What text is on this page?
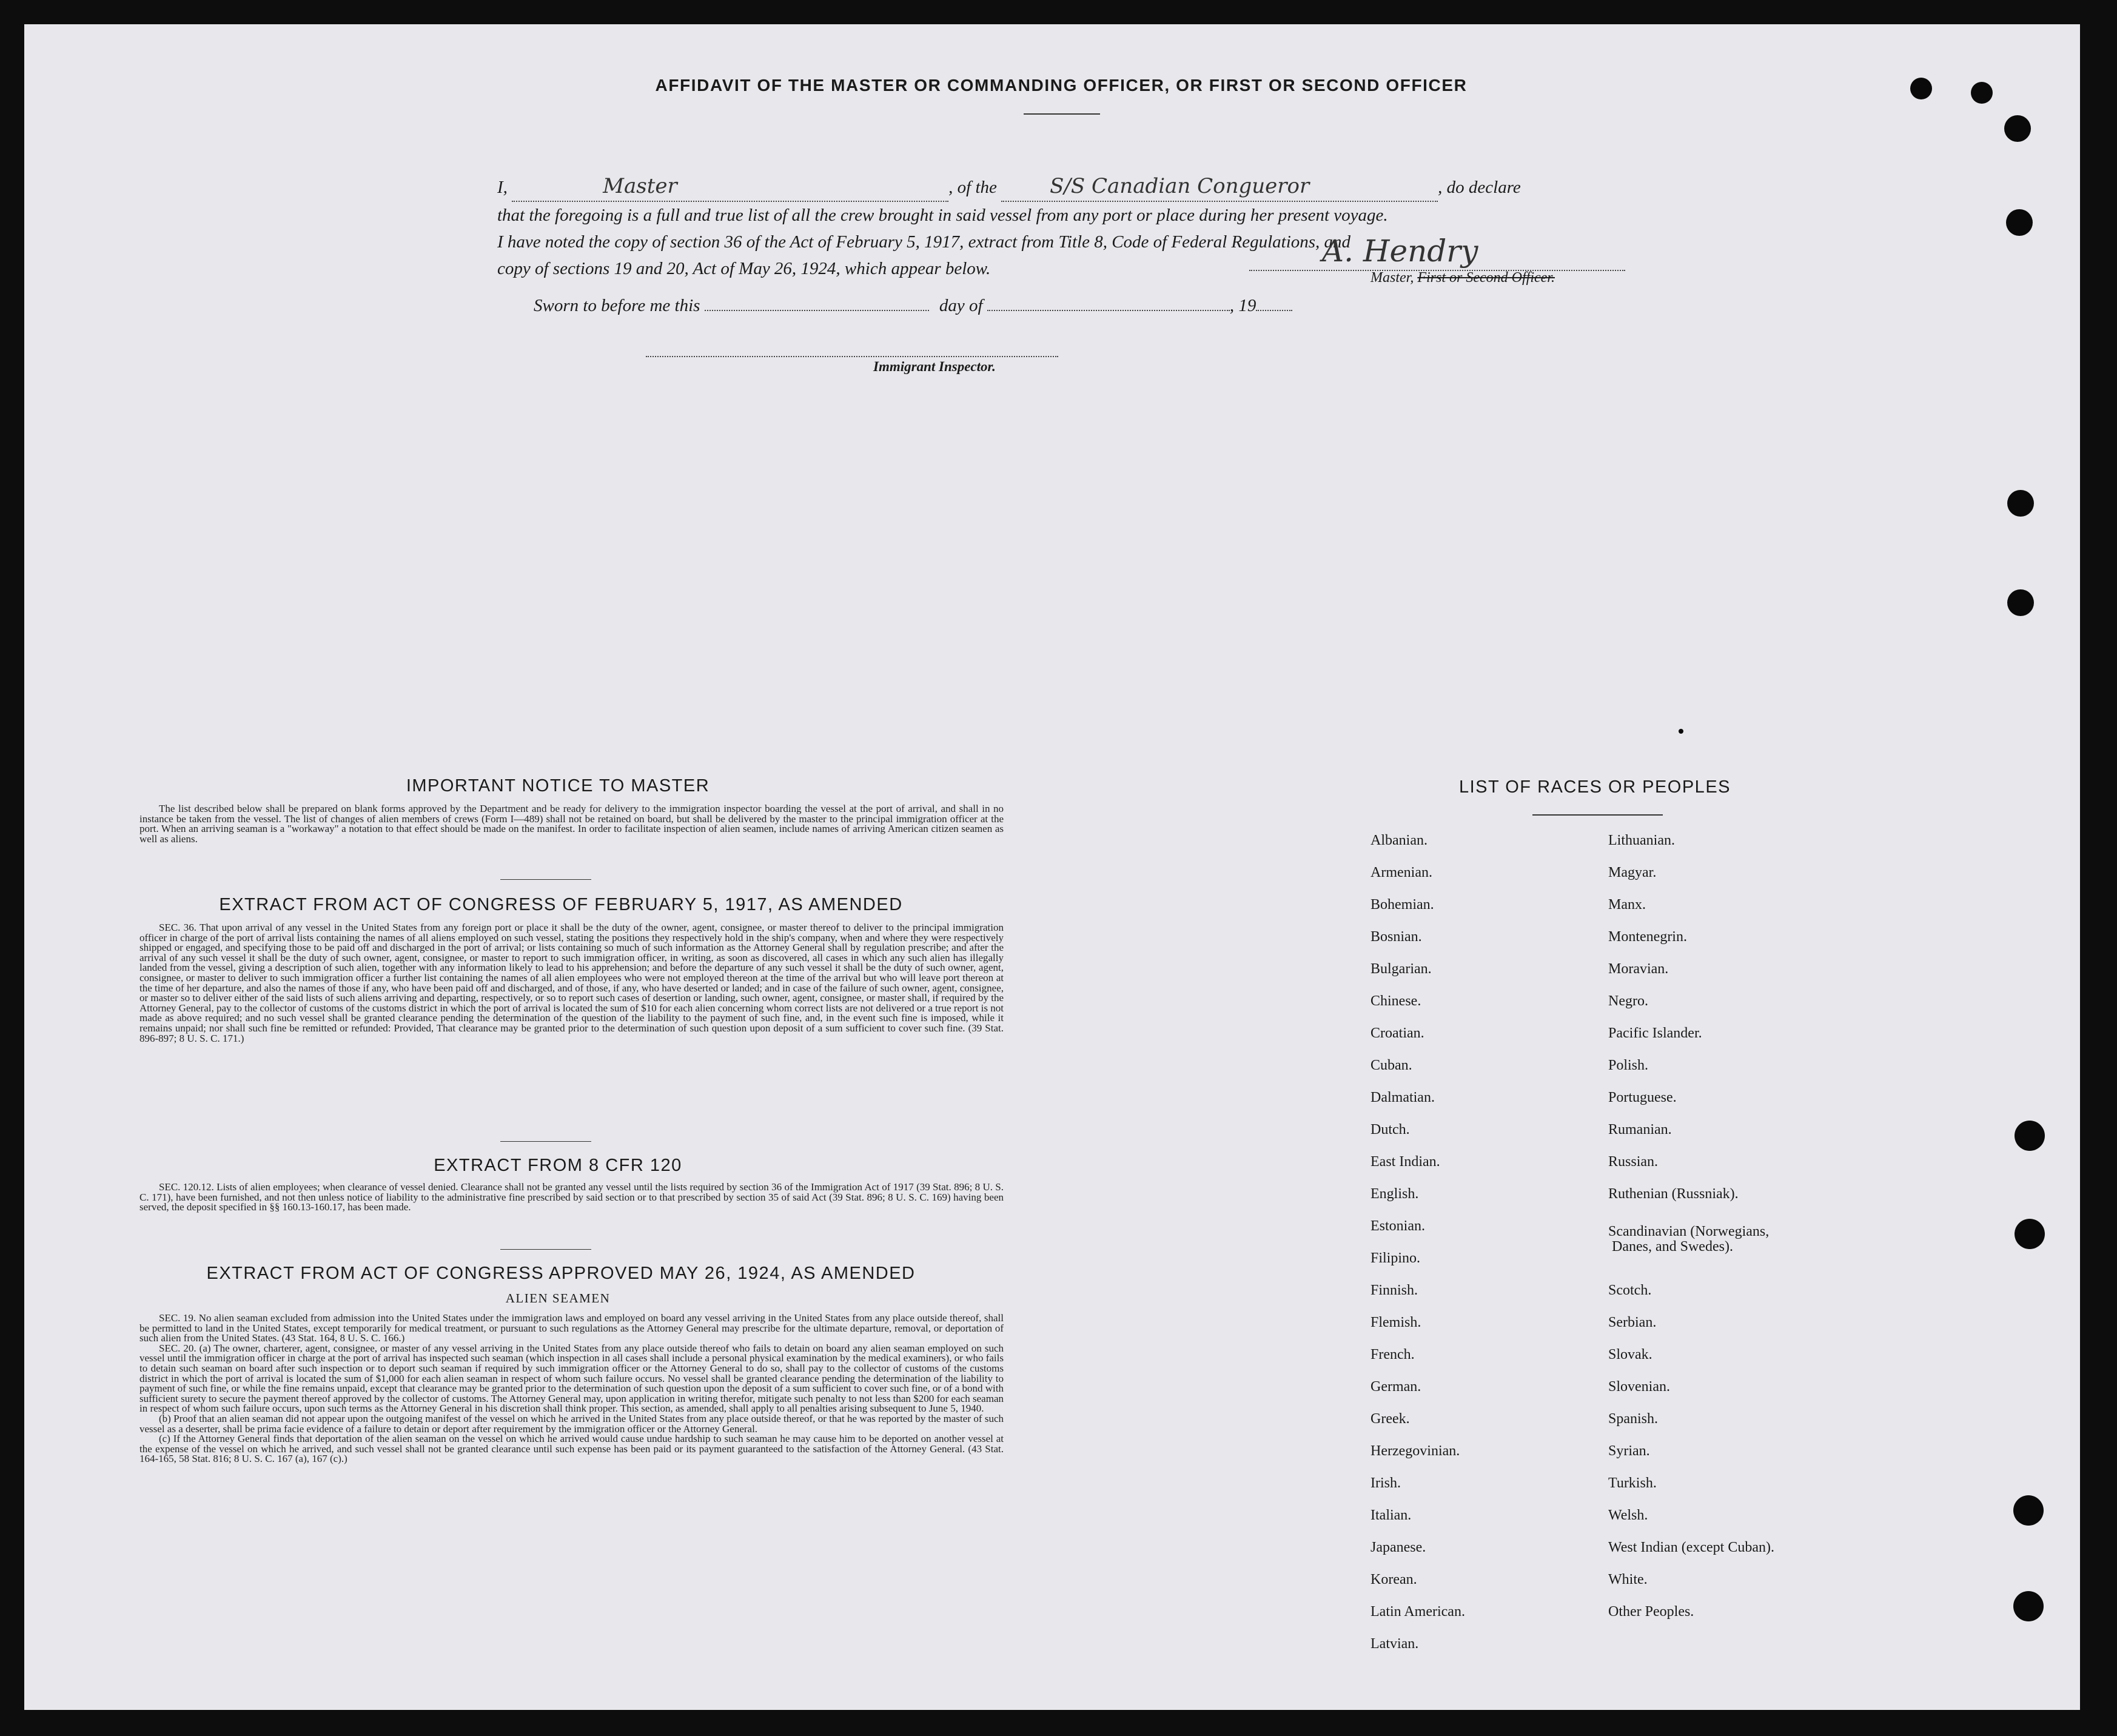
AFFIDAVIT OF THE MASTER OR COMMANDING OFFICER, OR FIRST OR SECOND OFFICER
I,	Master	, of the	S/S Canadian Congueror	, do declare
that the foregoing is a full and true list of all the crew brought in said vessel from any port or place during her present voyage.
I have noted the copy of section 36 of the Act of February 5, 1917, extract from Title 8, Code of Federal Regulations, and
copy of sections 19 and 20, Act of May 26, 1924, which appear below.	A. Hendry
Master, First or Second Officer.
Sworn to before me this	day of	, 19
Immigrant Inspector.
IMPORTANT NOTICE TO MASTER

The list described below shall be prepared on blank forms approved by the Department and be ready for delivery to the immigration inspector boarding the vessel at the port of arrival, and shall in no instance be taken from the vessel. The list of changes of alien members of crews (Form I—489) shall not be retained on board, but shall be delivered by the master to the principal immigration officer at the port. When an arriving seaman is a "workaway" a notation to that effect should be made on the manifest. In order to facilitate inspection of alien seamen, include names of arriving American citizen seamen as well as aliens.

EXTRACT FROM ACT OF CONGRESS OF FEBRUARY 5, 1917, AS AMENDED

SEC. 36. That upon arrival of any vessel in the United States from any foreign port or place it shall be the duty of the owner, agent, consignee, or master thereof to deliver to the principal immigration officer in charge of the port of arrival lists containing the names of all aliens employed on such vessel, stating the positions they respectively hold in the ship's company, when and where they were respectively shipped or engaged, and specifying those to be paid off and discharged in the port of arrival; or lists containing so much of such information as the Attorney General shall by regulation prescribe; and after the arrival of any such vessel it shall be the duty of such owner, agent, consignee, or master to report to such immigration officer, in writing, as soon as discovered, all cases in which any such alien has illegally landed from the vessel, giving a description of such alien, together with any information likely to lead to his apprehension; and before the departure of any such vessel it shall be the duty of such owner, agent, consignee, or master to deliver to such immigration officer a further list containing the names of all alien employees who were not employed thereon at the time of the arrival but who will leave port thereon at the time of her departure, and also the names of those if any, who have been paid off and discharged, and of those, if any, who have deserted or landed; and in case of the failure of such owner, agent, consignee, or master so to deliver either of the said lists of such aliens arriving and departing, respectively, or so to report such cases of desertion or landing, such owner, agent, consignee, or master shall, if required by the Attorney General, pay to the collector of customs of the customs district in which the port of arrival is located the sum of $10 for each alien concerning whom correct lists are not delivered or a true report is not made as above required; and no such vessel shall be granted clearance pending the determination of the question of the liability to the payment of such fine, and, in the event such fine is imposed, while it remains unpaid; nor shall such fine be remitted or refunded: Provided, That clearance may be granted prior to the determination of such question upon deposit of a sum sufficient to cover such fine. (39 Stat. 896-897; 8 U. S. C. 171.)

EXTRACT FROM 8 CFR 120

SEC. 120.12. Lists of alien employees; when clearance of vessel denied. Clearance shall not be granted any vessel until the lists required by section 36 of the Immigration Act of 1917 (39 Stat. 896; 8 U. S. C. 171), have been furnished, and not then unless notice of liability to the administrative fine prescribed by said section or to that prescribed by section 35 of said Act (39 Stat. 896; 8 U. S. C. 169) having been served, the deposit specified in §§ 160.13-160.17, has been made.

EXTRACT FROM ACT OF CONGRESS APPROVED MAY 26, 1924, AS AMENDED
ALIEN SEAMEN

SEC. 19. No alien seaman excluded from admission into the United States under the immigration laws and employed on board any vessel arriving in the United States from any place outside thereof, shall be permitted to land in the United States, except temporarily for medical treatment, or pursuant to such regulations as the Attorney General may prescribe for the ultimate departure, removal, or deportation of such alien from the United States. (43 Stat. 164, 8 U. S. C. 166.)

SEC. 20. (a) The owner, charterer, agent, consignee, or master of any vessel arriving in the United States from any place outside thereof who fails to detain on board any alien seaman employed on such vessel until the immigration officer in charge at the port of arrival has inspected such seaman (which inspection in all cases shall include a personal physical examination by the medical examiners), or who fails to detain such seaman on board after such inspection or to deport such seaman if required by such immigration officer or the Attorney General to do so, shall pay to the collector of customs of the customs district in which the port of arrival is located the sum of $1,000 for each alien seaman in respect of whom such failure occurs. No vessel shall be granted clearance pending the determination of the liability to payment of such fine, or while the fine remains unpaid, except that clearance may be granted prior to the determination of such question upon the deposit of a sum sufficient to cover such fine, or of a bond with sufficient surety to secure the payment thereof approved by the collector of customs. The Attorney General may, upon application in writing therefor, mitigate such penalty to not less than $200 for each seaman in respect of whom such failure occurs, upon such terms as the Attorney General in his discretion shall think proper. This section, as amended, shall apply to all penalties arising subsequent to June 5, 1940.

(b) Proof that an alien seaman did not appear upon the outgoing manifest of the vessel on which he arrived in the United States from any place outside thereof, or that he was reported by the master of such vessel as a deserter, shall be prima facie evidence of a failure to detain or deport after requirement by the immigration officer or the Attorney General.

(c) If the Attorney General finds that deportation of the alien seaman on the vessel on which he arrived would cause undue hardship to such seaman he may cause him to be deported on another vessel at the expense of the vessel on which he arrived, and such vessel shall not be granted clearance until such expense has been paid or its payment guaranteed to the satisfaction of the Attorney General. (43 Stat. 164-165, 58 Stat. 816; 8 U. S. C. 167 (a), 167 (c).)

LIST OF RACES OR PEOPLES
Albanian.
Armenian.
Bohemian.
Bosnian.
Bulgarian.
Chinese.
Croatian.
Cuban.
Dalmatian.
Dutch.
East Indian.
English.
Estonian.
Filipino.
Finnish.
Flemish.
French.
German.
Greek.
Herzegovinian.
Irish.
Italian.
Japanese.
Korean.
Latin American.
Latvian.
Lithuanian.
Magyar.
Manx.
Montenegrin.
Moravian.
Negro.
Pacific Islander.
Polish.
Portuguese.
Rumanian.
Russian.
Ruthenian (Russniak).
Scandinavian (Norwegians,
Danes, and Swedes).
Scotch.
Serbian.
Slovak.
Slovenian.
Spanish.
Syrian.
Turkish.
Welsh.
West Indian (except Cuban).
White.
Other Peoples.
